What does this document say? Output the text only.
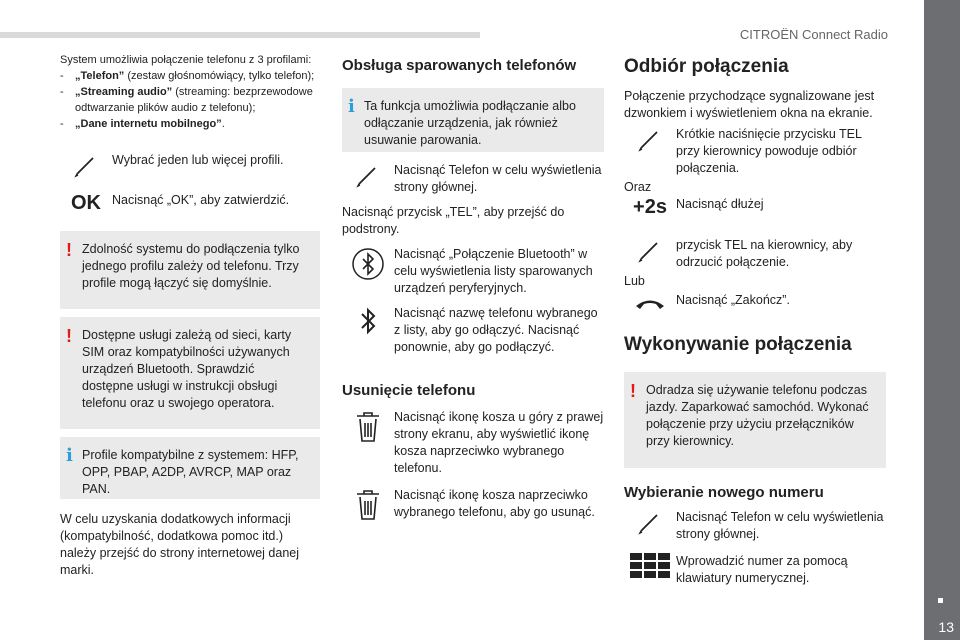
CITROËN Connect Radio
13

System umożliwia połączenie telefonu z 3 profilami:

- „Telefon” (zestaw głośnomówiący, tylko telefon);
- „Streaming audio” (streaming: bezprzewodowe odtwarzanie plików audio z telefonu);
- „Dane internetu mobilnego”.
Wybrać jeden lub więcej profili.
OK Nacisnąć „OK”, aby zatwierdzić.
! Zdolność systemu do podłączenia tylko jednego profilu zależy od telefonu. Trzy profile mogą łączyć się domyślnie.
! Dostępne usługi zależą od sieci, karty SIM oraz kompatybilności używanych urządzeń Bluetooth. Sprawdzić dostępne usługi w instrukcji obsługi telefonu oraz u swojego operatora.
i Profile kompatybilne z systemem: HFP, OPP, PBAP, A2DP, AVRCP, MAP oraz PAN.

W celu uzyskania dodatkowych informacji (kompatybilność, dodatkowa pomoc itd.) należy przejść do strony internetowej danej marki.

Obsługa sparowanych telefonów

i Ta funkcja umożliwia podłączanie albo odłączanie urządzenia, jak również usuwanie parowania.
Nacisnąć Telefon w celu wyświetlenia strony głównej.

Nacisnąć przycisk „TEL”, aby przejść do podstrony.

Nacisnąć „Połączenie Bluetooth” w celu wyświetlenia listy sparowanych urządzeń peryferyjnych.
Nacisnąć nazwę telefonu wybranego z listy, aby go odłączyć. Nacisnąć ponownie, aby go podłączyć.

Usunięcie telefonu

Nacisnąć ikonę kosza u góry z prawej strony ekranu, aby wyświetlić ikonę kosza naprzeciwko wybranego telefonu.
Nacisnąć ikonę kosza naprzeciwko wybranego telefonu, aby go usunąć.

Odbiór połączenia

Połączenie przychodzące sygnalizowane jest dzwonkiem i wyświetleniem okna na ekranie.

Krótkie naciśnięcie przycisku TEL przy kierownicy powoduje odbiór połączenia.

Oraz

+2s Nacisnąć dłużej
przycisk TEL na kierownicy, aby odrzucić połączenie.

Lub

Nacisnąć „Zakończ”.

Wykonywanie połączenia

! Odradza się używanie telefonu podczas jazdy. Zaparkować samochód. Wykonać połączenie przy użyciu przełączników przy kierownicy.

Wybieranie nowego numeru

Nacisnąć Telefon w celu wyświetlenia strony głównej.
Wprowadzić numer za pomocą klawiatury numerycznej.
